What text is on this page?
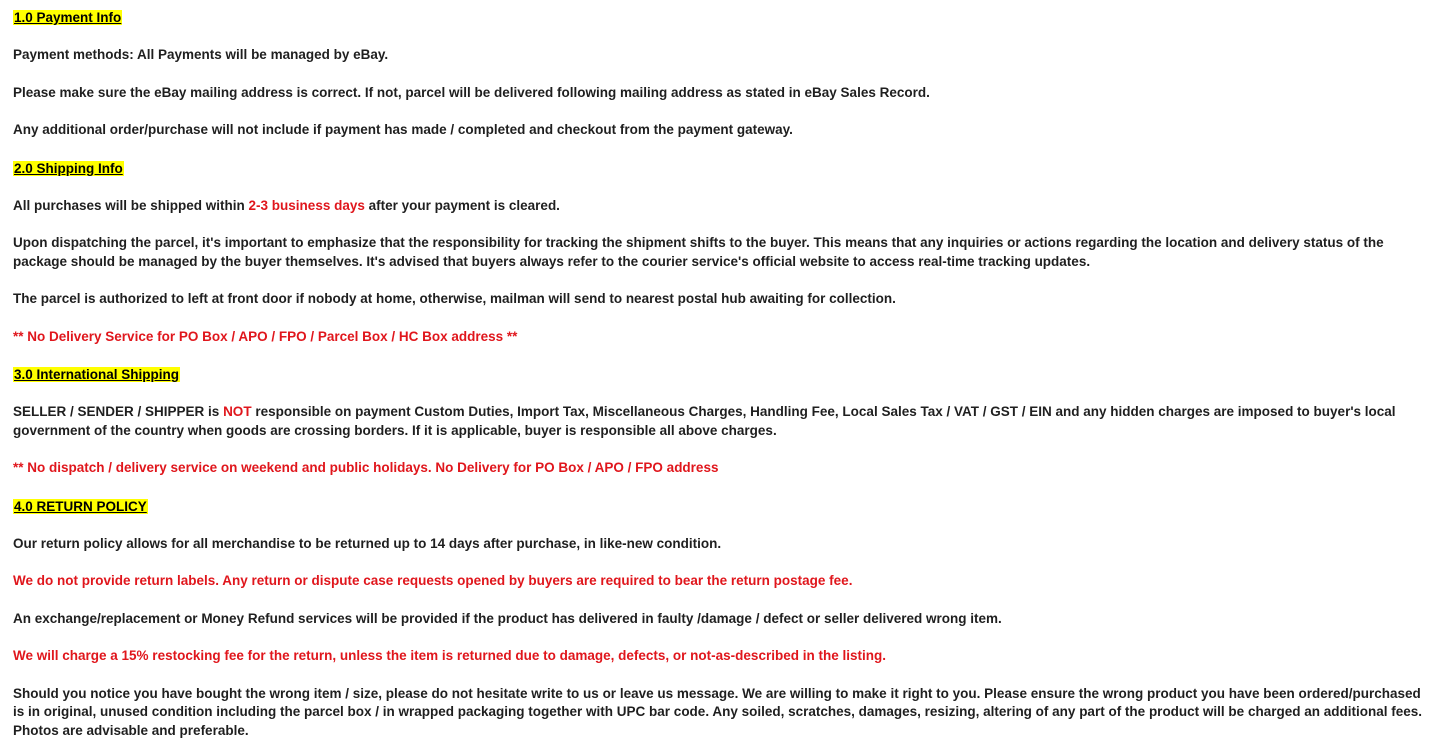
1.0 Payment Info

Payment methods: All Payments will be managed by eBay.

Please make sure the eBay mailing address is correct. If not, parcel will be delivered following mailing address as stated in eBay Sales Record.

Any additional order/purchase will not include if payment has made / completed and checkout from the payment gateway.

2.0 Shipping Info

All purchases will be shipped within 2-3 business days after your payment is cleared.

Upon dispatching the parcel, it's important to emphasize that the responsibility for tracking the shipment shifts to the buyer. This means that any inquiries or actions regarding the location and delivery status of the package should be managed by the buyer themselves. It's advised that buyers always refer to the courier service's official website to access real-time tracking updates.

The parcel is authorized to left at front door if nobody at home, otherwise, mailman will send to nearest postal hub awaiting for collection.

** No Delivery Service for PO Box / APO / FPO / Parcel Box / HC Box address **

3.0 International Shipping

SELLER / SENDER / SHIPPER is NOT responsible on payment Custom Duties, Import Tax, Miscellaneous Charges, Handling Fee, Local Sales Tax / VAT / GST / EIN and any hidden charges are imposed to buyer's local government of the country when goods are crossing borders. If it is applicable, buyer is responsible all above charges.

** No dispatch / delivery service on weekend and public holidays. No Delivery for PO Box / APO / FPO address

4.0 RETURN POLICY

Our return policy allows for all merchandise to be returned up to 14 days after purchase, in like-new condition.

We do not provide return labels. Any return or dispute case requests opened by buyers are required to bear the return postage fee.

An exchange/replacement or Money Refund services will be provided if the product has delivered in faulty /damage / defect or seller delivered wrong item.

We will charge a 15% restocking fee for the return, unless the item is returned due to damage, defects, or not-as-described in the listing.

Should you notice you have bought the wrong item / size, please do not hesitate write to us or leave us message. We are willing to make it right to you. Please ensure the wrong product you have been ordered/purchased is in original, unused condition including the parcel box / in wrapped packaging together with UPC bar code. Any soiled, scratches, damages, resizing, altering of any part of the product will be charged an additional fees. Photos are advisable and preferable.
